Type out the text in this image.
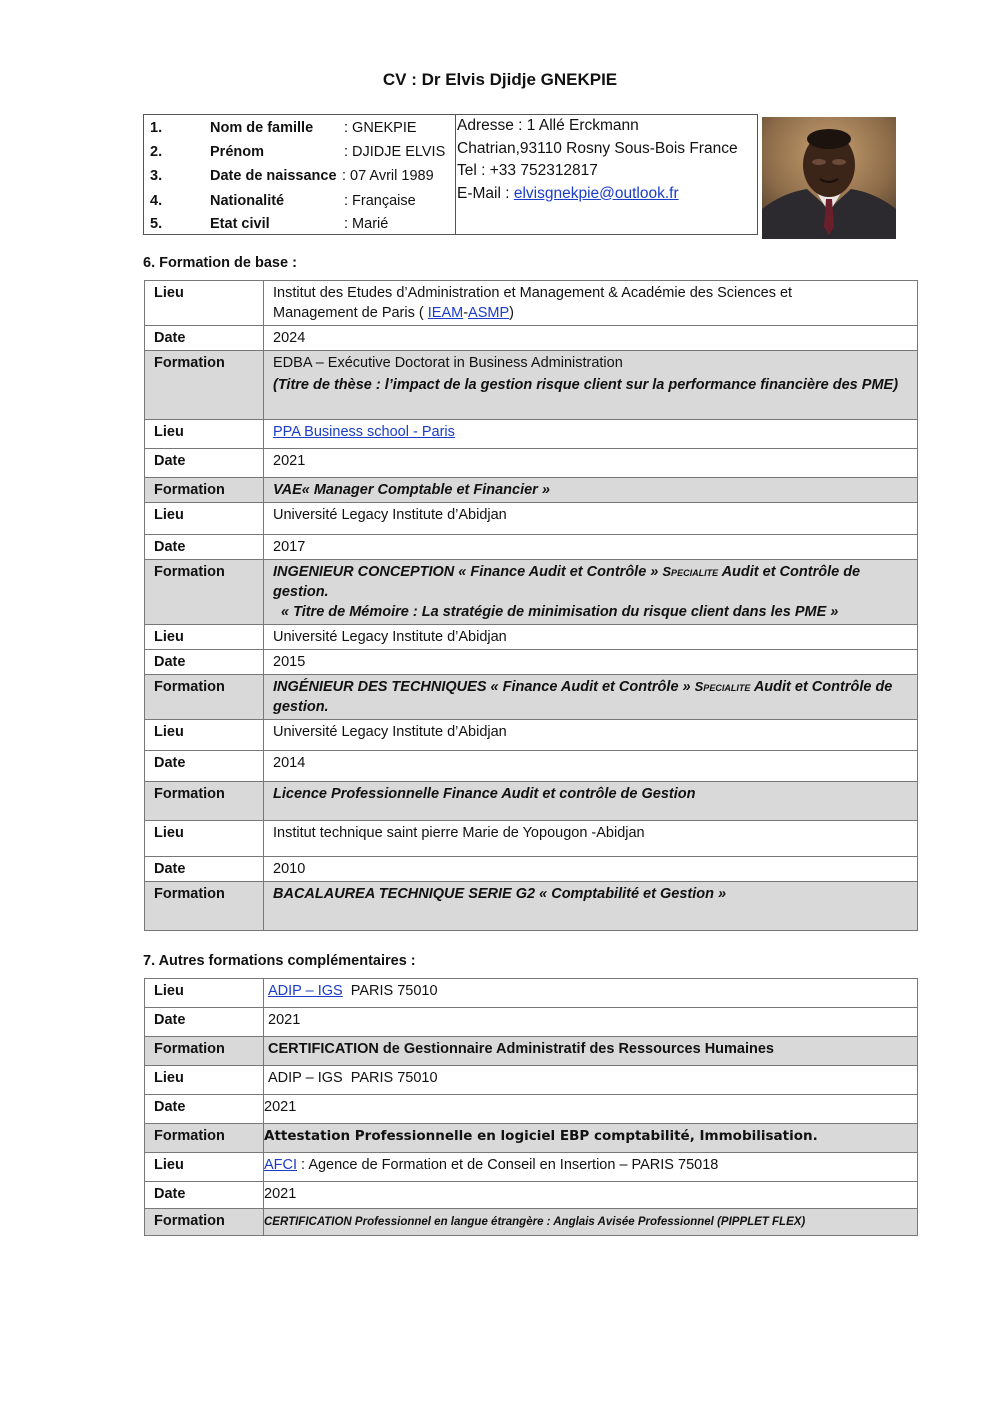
CV : Dr Elvis Djidje GNEKPIE
1.	Nom de famille : GNEKPIE
2.	Prénom	: DJIDJE ELVIS
3.	Date de naissance : 07 Avril 1989
4.	Nationalité	: Française
5.	Etat civil	: Marié
Adresse : 1 Allé Erckmann
Chatrian,93110 Rosny Sous-Bois France
Tel : +33 752312817
E-Mail : elvisgnekpie@outlook.fr
6. Formation de base :
Lieu	Institut des Etudes d’Administration et Management & Académie des Sciences et
Management de Paris ( IEAM-ASMP)
Date	2024
Formation	EDBA – Exécutive Doctorat in Business Administration
(Titre de thèse : l’impact de la gestion risque client sur la performance financière des PME)

Lieu	PPA Business school - Paris
Date	2021
Formation	VAE« Manager Comptable et Financier »
Lieu	Université Legacy Institute d’Abidjan
Date	2017
Formation	INGENIEUR CONCEPTION « Finance Audit et Contrôle » Specialite Audit et Contrôle de gestion.
« Titre de Mémoire : La stratégie de minimisation du risque client dans les PME »

Lieu	Université Legacy Institute d’Abidjan
Date	2015
Formation	INGÉNIEUR DES TECHNIQUES « Finance Audit et Contrôle » Specialite Audit et Contrôle de gestion.
Lieu	Université Legacy Institute d’Abidjan
Date	2014
Formation	Licence Professionnelle Finance Audit et contrôle de Gestion
Lieu	Institut technique saint pierre Marie de Yopougon -Abidjan
Date	2010
Formation	BACALAUREA TECHNIQUE SERIE G2 « Comptabilité et Gestion »
7. Autres formations complémentaires :
Lieu	ADIP – IGS  PARIS 75010
Date	2021
Formation	CERTIFICATION de Gestionnaire Administratif des Ressources Humaines
Lieu	ADIP – IGS  PARIS 75010
Date	2021
Formation	Attestation Professionnelle en logiciel EBP comptabilité, Immobilisation.
Lieu	AFCI : Agence de Formation et de Conseil en Insertion – PARIS 75018
Date	2021
Formation	CERTIFICATION Professionnel en langue étrangère : Anglais Avisée Professionnel (PIPPLET FLEX)
